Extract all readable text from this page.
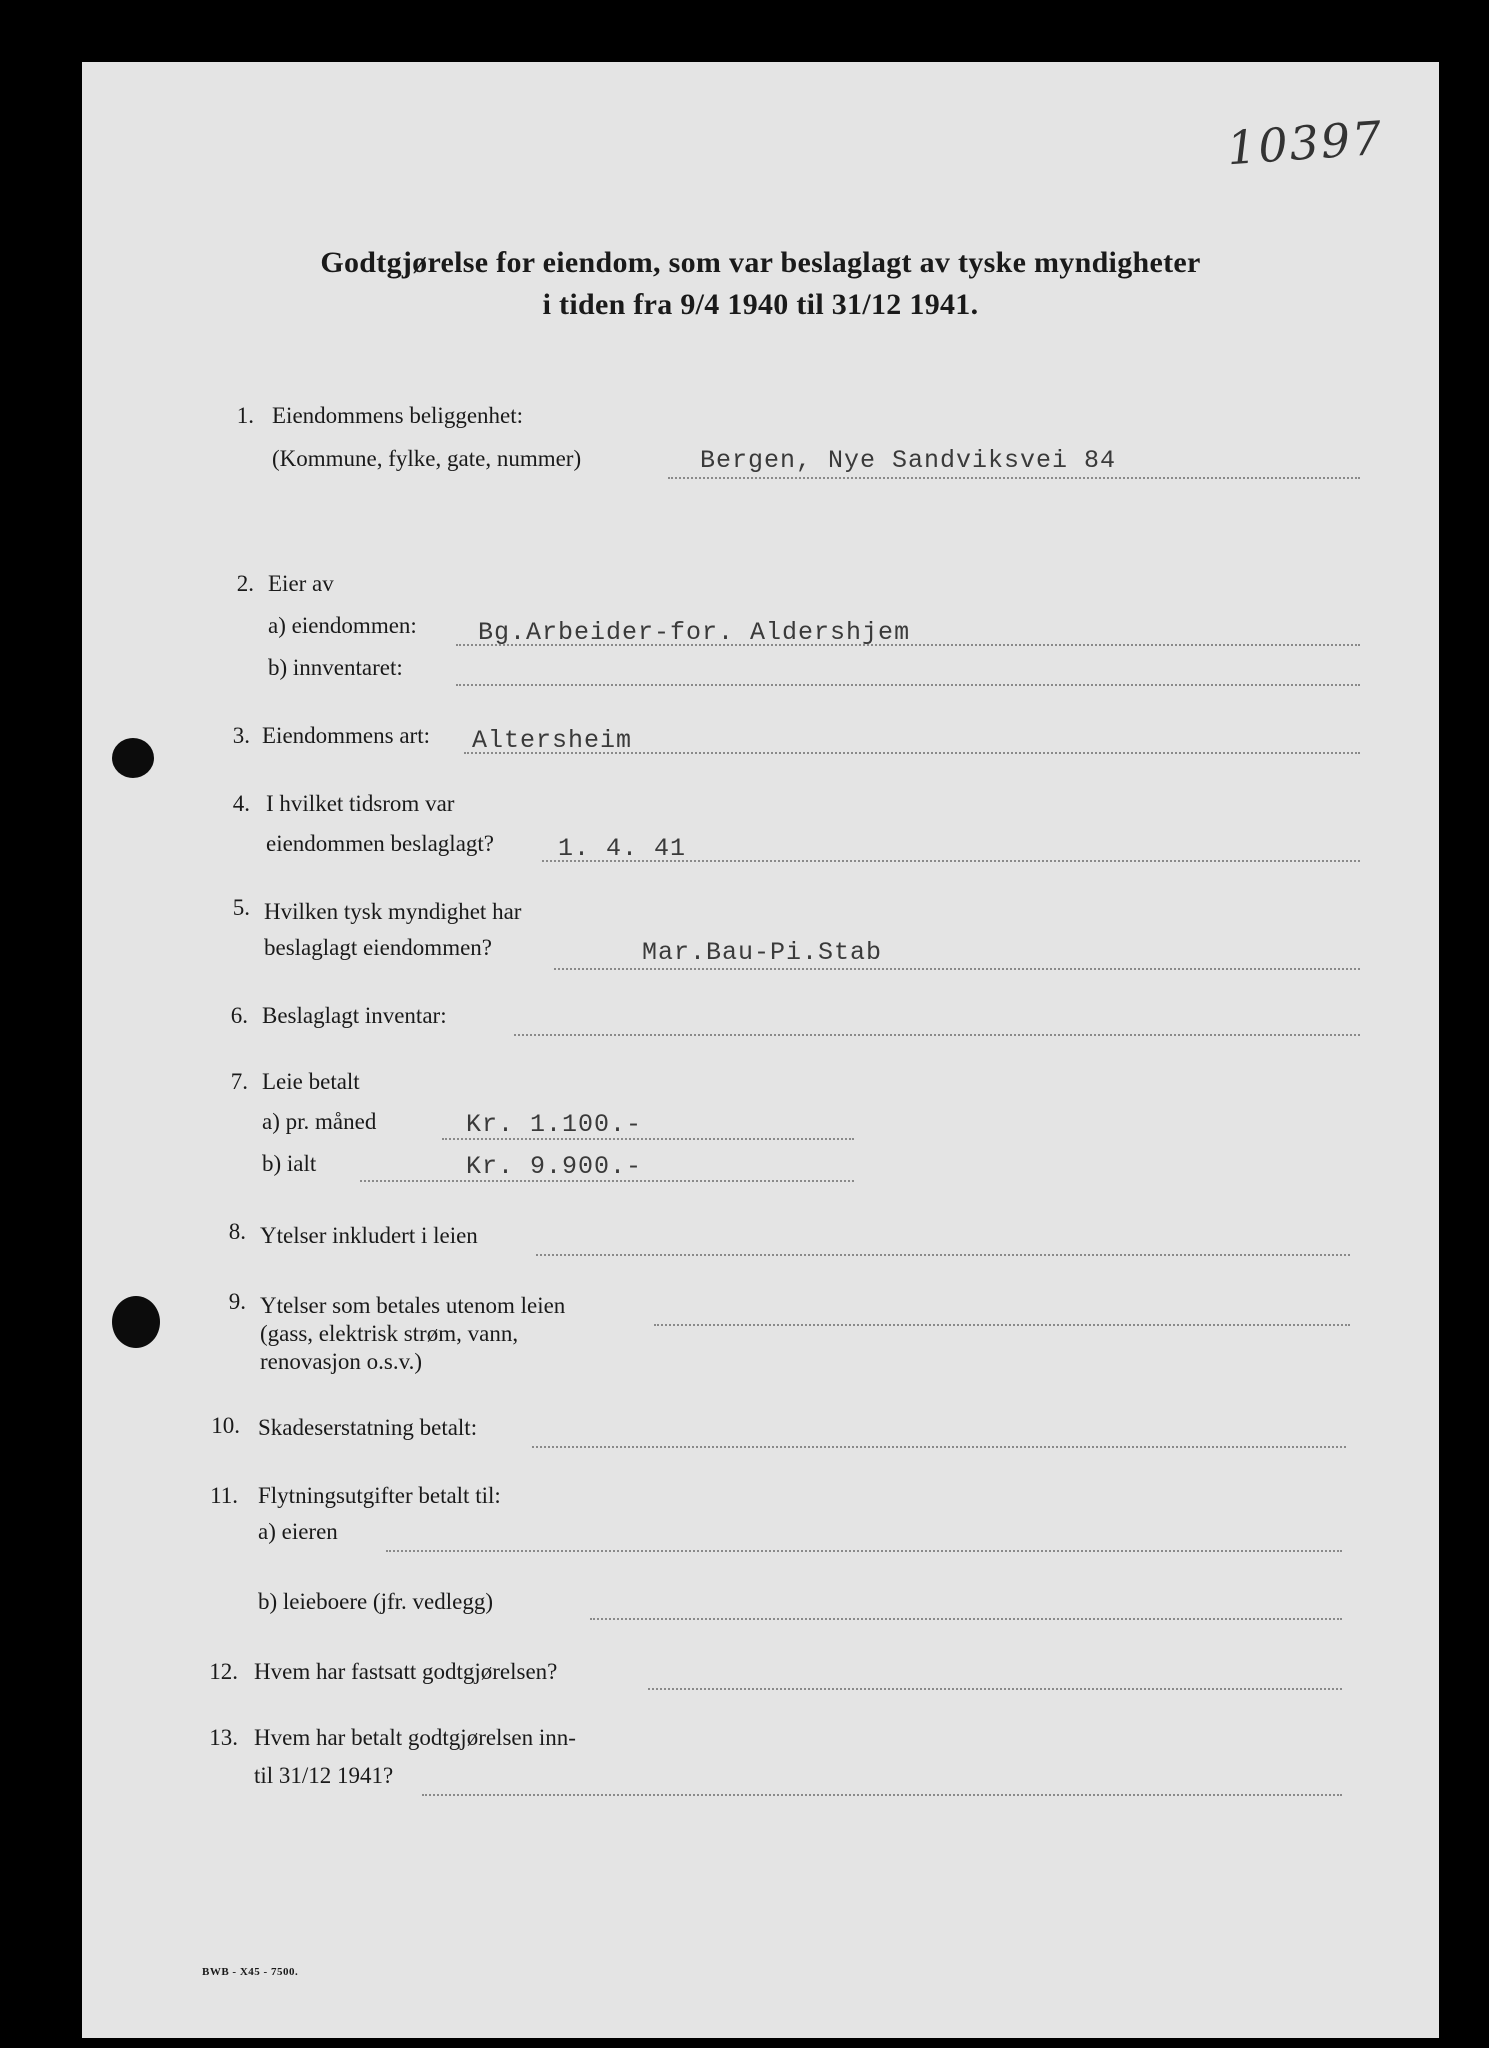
10397
Godtgjørelse for eiendom, som var beslaglagt av tyske myndigheter
i tiden fra 9/4 1940 til 31/12 1941.
1. Eiendommens beliggenhet:
(Kommune, fylke, gate, nummer)	Bergen, Nye Sandviksvei 84
2. Eier av
a) eiendommen: Bg.Arbeider-for. Aldershjem
b) innventaret:
3. Eiendommens art: Altersheim
4. I hvilket tidsrom var
eiendommen beslaglagt?	1. 4. 41
5. Hvilken tysk myndighet har
beslaglagt eiendommen?	Mar.Bau-Pi.Stab
6. Beslaglagt inventar:
7. Leie betalt
a) pr. måned	Kr. 1.100.-
b) ialt	Kr. 9.900.-
8. Ytelser inkludert i leien
9. Ytelser som betales utenom leien
(gass, elektrisk strøm, vann,
renovasjon o.s.v.)
10. Skadeserstatning betalt:
11. Flytningsutgifter betalt til:
a) eieren
b) leieboere (jfr. vedlegg)
12. Hvem har fastsatt godtgjørelsen?
13. Hvem har betalt godtgjørelsen inn-
til 31/12 1941?
BWB - X45 - 7500.
